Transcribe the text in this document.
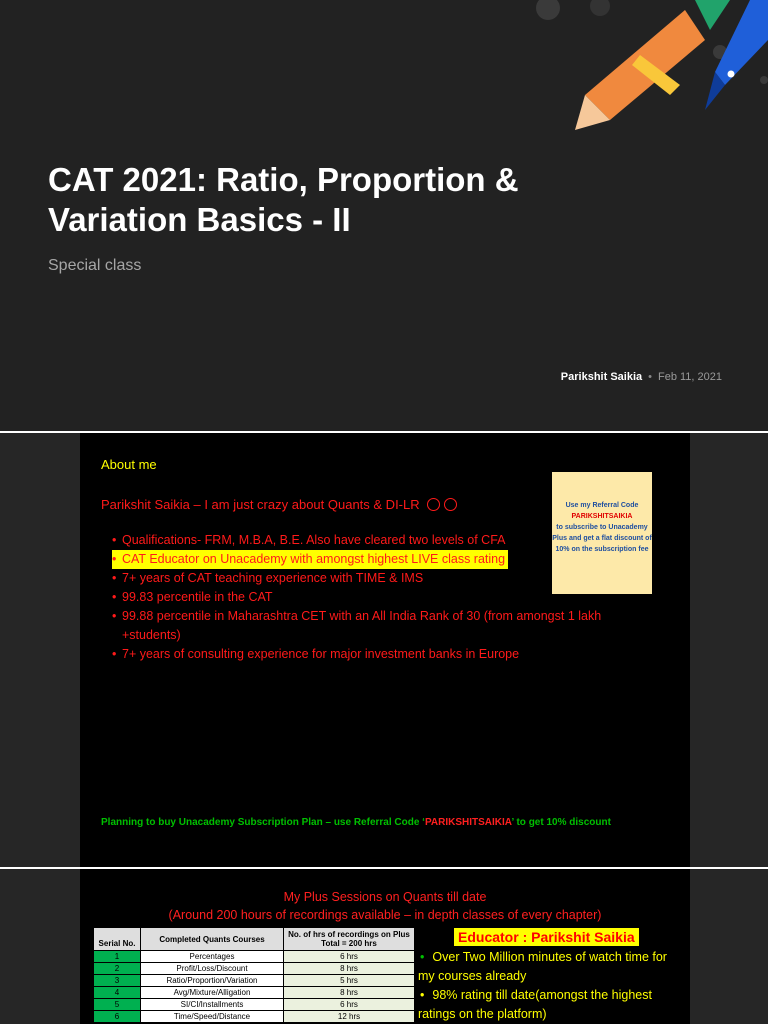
CAT 2021: Ratio, Proportion & Variation Basics - II
Special class
Parikshit Saikia • Feb 11, 2021
About me
Parikshit Saikia – I am just crazy about Quants & DI-LR
• Qualifications- FRM, M.B.A, B.E. Also have cleared two levels of CFA
• CAT Educator on Unacademy with amongst highest LIVE class rating
• 7+ years of CAT teaching experience with TIME & IMS
• 99.83 percentile in the CAT
• 99.88 percentile in Maharashtra CET with an All India Rank of 30 (from amongst 1 lakh +students)
• 7+ years of consulting experience for major investment banks in Europe
Use my Referral Code
PARIKSHITSAIKIA
to subscribe to Unacademy Plus and get a flat discount of 10% on the subscription fee
Planning to buy Unacademy Subscription Plan – use Referral Code ‘PARIKSHITSAIKIA’ to get 10% discount
My Plus Sessions on Quants till date
(Around 200 hours of recordings available – in depth classes of every chapter)
Serial No.	Completed Quants Courses	No. of hrs of recordings on Plus Total = 200 hrs
1	Percentages	6 hrs
2	Profit/Loss/Discount	8 hrs
3	Ratio/Proportion/Variation	5 hrs
4	Avg/Mixture/Alligation	8 hrs
5	SI/CI/Installments	6 hrs
6	Time/Speed/Distance	12 hrs
Educator : Parikshit Saikia

• Over Two Million minutes of watch time for my courses already

• 98% rating till date(amongst the highest ratings on the platform)
